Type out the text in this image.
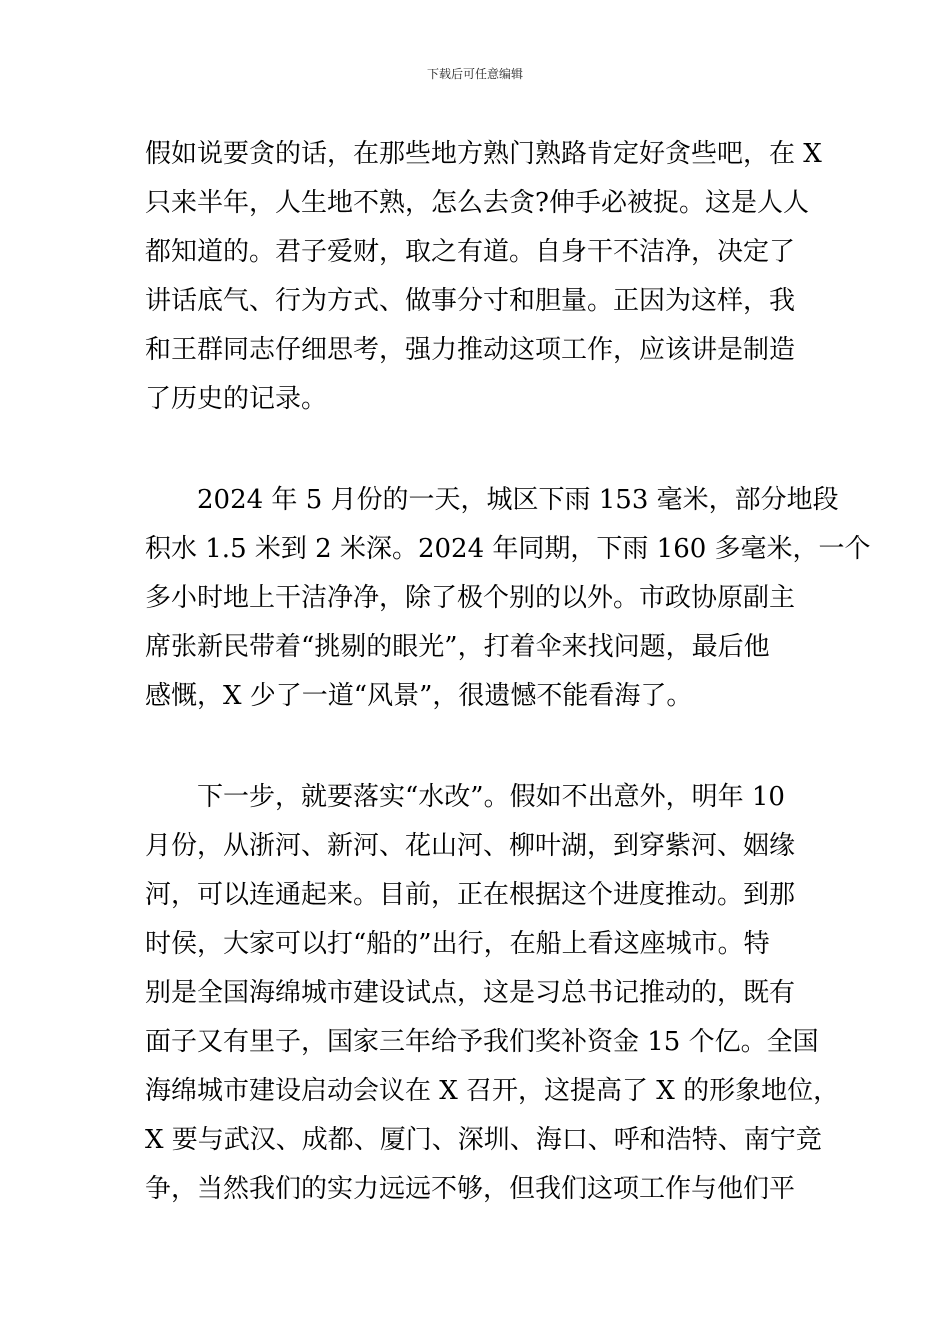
下载后可任意编辑
假如说要贪的话，在那些地方熟门熟路肯定好贪些吧，在 X
只来半年，人生地不熟，怎么去贪?伸手必被捉。这是人人
都知道的。君子爱财，取之有道。自身干不洁净，决定了
讲话底气、行为方式、做事分寸和胆量。正因为这样，我
和王群同志仔细思考，强力推动这项工作，应该讲是制造
了历史的记录。
　　2024 年 5 月份的一天，城区下雨 153 毫米，部分地段
积水 1.5 米到 2 米深。2024 年同期，下雨 160 多毫米，一个
多小时地上干洁净净，除了极个别的以外。市政协原副主
席张新民带着“挑剔的眼光”，打着伞来找问题，最后他
感慨，X 少了一道“风景”，很遗憾不能看海了。
　　下一步，就要落实“水改”。假如不出意外，明年 10
月份，从浙河、新河、花山河、柳叶湖，到穿紫河、姻缘
河，可以连通起来。目前，正在根据这个进度推动。到那
时侯，大家可以打“船的”出行，在船上看这座城市。特
别是全国海绵城市建设试点，这是习总书记推动的，既有
面子又有里子，国家三年给予我们奖补资金 15 个亿。全国
海绵城市建设启动会议在 X 召开，这提高了 X 的形象地位，
X 要与武汉、成都、厦门、深圳、海口、呼和浩特、南宁竞
争，当然我们的实力远远不够，但我们这项工作与他们平
